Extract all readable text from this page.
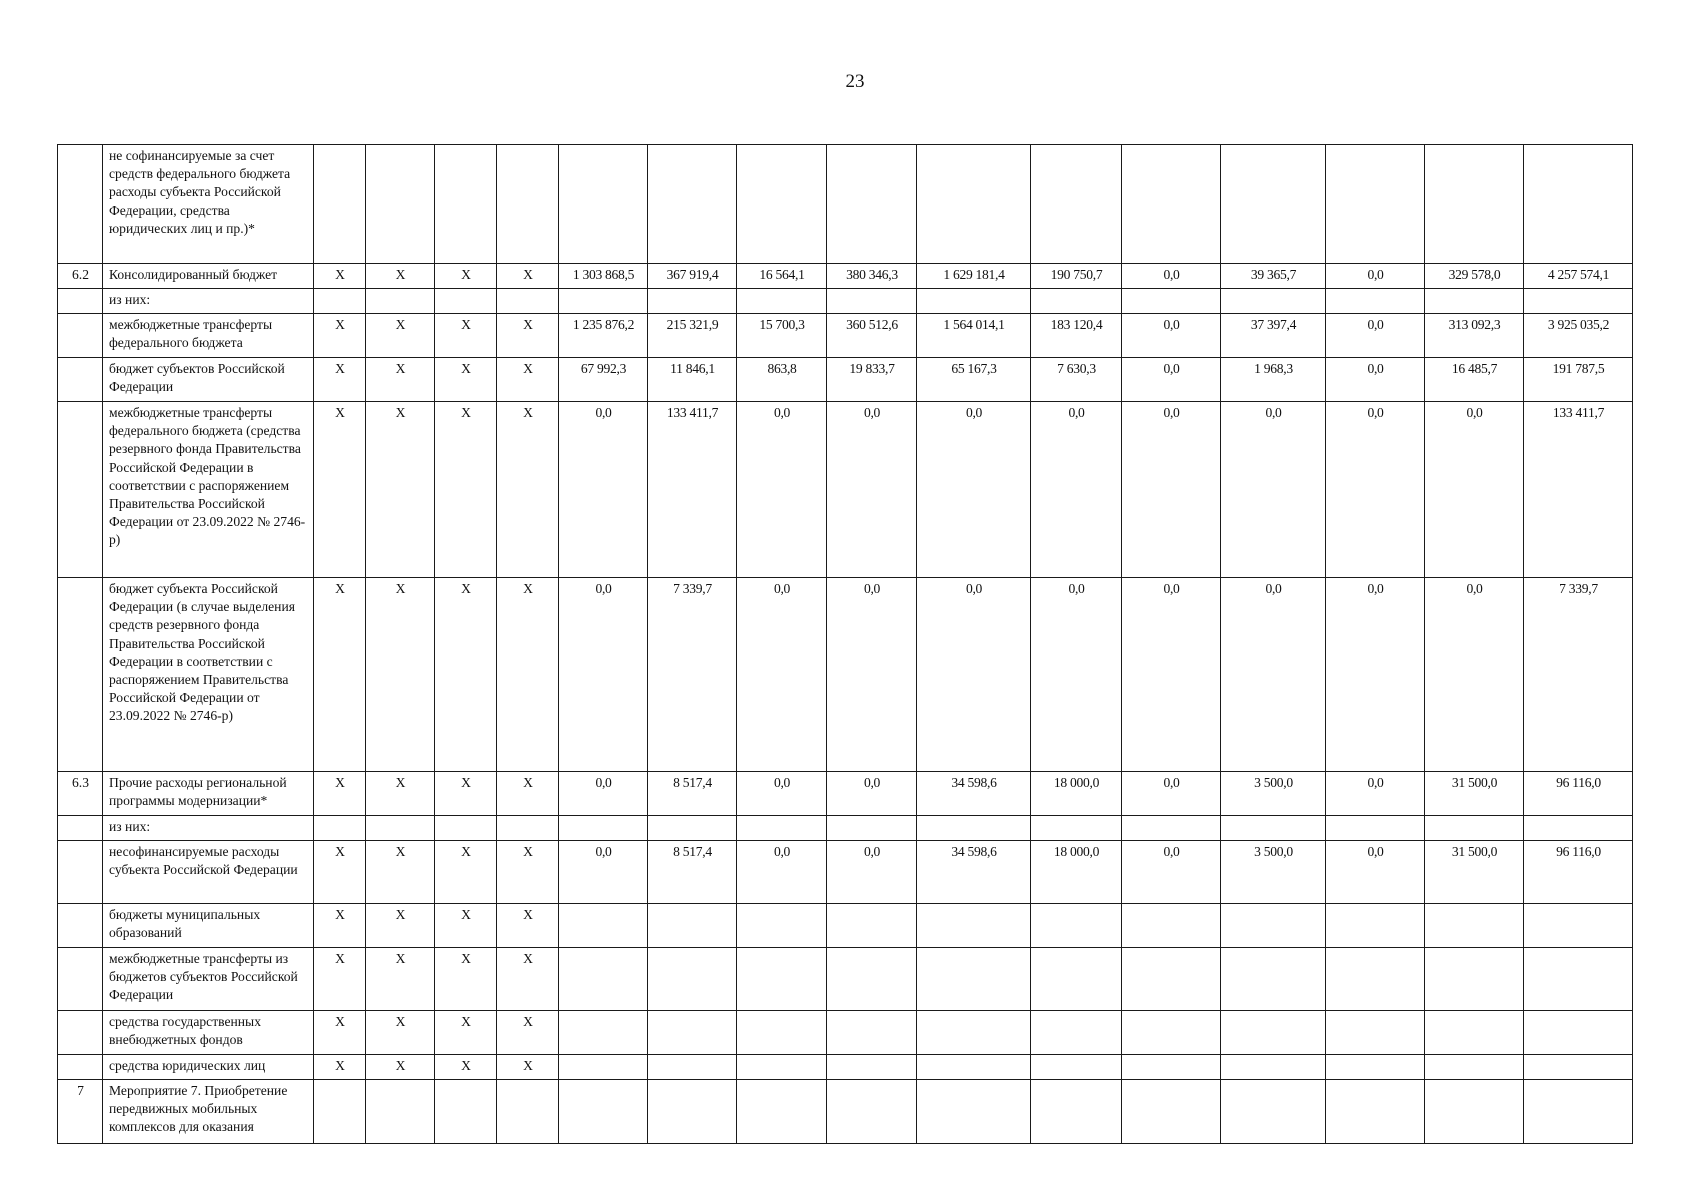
23
	не софинансируемые за счет средств федерального бюджета расходы субъекта Российской Федерации, средства юридических лиц и пр.)*															
6.2	Консолидированный бюджет	X	X	X	X	1 303 868,5	367 919,4	16 564,1	380 346,3	1 629 181,4	190 750,7	0,0	39 365,7	0,0	329 578,0	4 257 574,1
	из них:															
	межбюджетные трансферты федерального бюджета	X	X	X	X	1 235 876,2	215 321,9	15 700,3	360 512,6	1 564 014,1	183 120,4	0,0	37 397,4	0,0	313 092,3	3 925 035,2
	бюджет субъектов Российской Федерации	X	X	X	X	67 992,3	11 846,1	863,8	19 833,7	65 167,3	7 630,3	0,0	1 968,3	0,0	16 485,7	191 787,5
	межбюджетные трансферты федерального бюджета (средства резервного фонда Правительства Российской Федерации в соответствии с распоряжением Правительства Российской Федерации от 23.09.2022 № 2746-р)	X	X	X	X	0,0	133 411,7	0,0	0,0	0,0	0,0	0,0	0,0	0,0	0,0	133 411,7
	бюджет субъекта Российской Федерации (в случае выделения средств резервного фонда Правительства Российской Федерации в соответствии с распоряжением Правительства Российской Федерации от 23.09.2022 № 2746-р)	X	X	X	X	0,0	7 339,7	0,0	0,0	0,0	0,0	0,0	0,0	0,0	0,0	7 339,7
6.3	Прочие расходы региональной программы модернизации*	X	X	X	X	0,0	8 517,4	0,0	0,0	34 598,6	18 000,0	0,0	3 500,0	0,0	31 500,0	96 116,0
	из них:															
	несофинансируемые расходы субъекта Российской Федерации	X	X	X	X	0,0	8 517,4	0,0	0,0	34 598,6	18 000,0	0,0	3 500,0	0,0	31 500,0	96 116,0
	бюджеты муниципальных образований	X	X	X	X											
	межбюджетные трансферты из бюджетов субъектов Российской Федерации	X	X	X	X											
	средства государственных внебюджетных фондов	X	X	X	X											
	средства юридических лиц	X	X	X	X											
7	Мероприятие 7. Приобретение передвижных мобильных комплексов для оказания															
